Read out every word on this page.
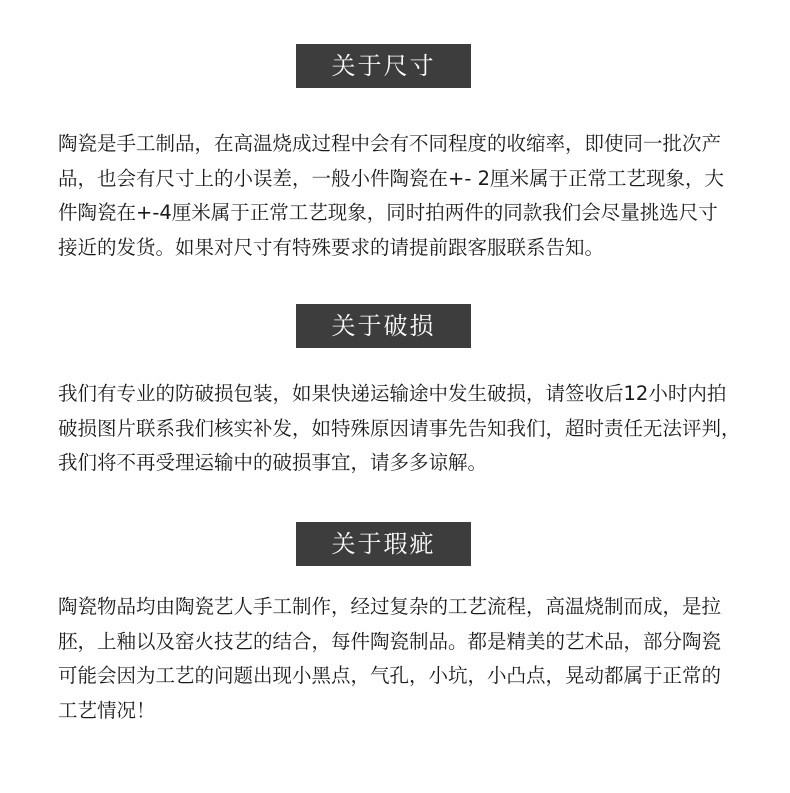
关于尺寸
陶瓷是手工制品，在高温烧成过程中会有不同程度的收缩率，即使同一批次产
品，也会有尺寸上的小误差，一般小件陶瓷在+- 2厘米属于正常工艺现象，大
件陶瓷在+-4厘米属于正常工艺现象，同时拍两件的同款我们会尽量挑选尺寸
接近的发货。如果对尺寸有特殊要求的请提前跟客服联系告知。
关于破损
我们有专业的防破损包装，如果快递运输途中发生破损，请签收后12小时内拍
破损图片联系我们核实补发，如特殊原因请事先告知我们，超时责任无法评判，
我们将不再受理运输中的破损事宜，请多多谅解。
关于瑕疵
陶瓷物品均由陶瓷艺人手工制作，经过复杂的工艺流程，高温烧制而成，是拉
胚，上釉以及窑火技艺的结合，每件陶瓷制品。都是精美的艺术品，部分陶瓷
可能会因为工艺的问题出现小黑点，气孔，小坑，小凸点，晃动都属于正常的
工艺情况！
